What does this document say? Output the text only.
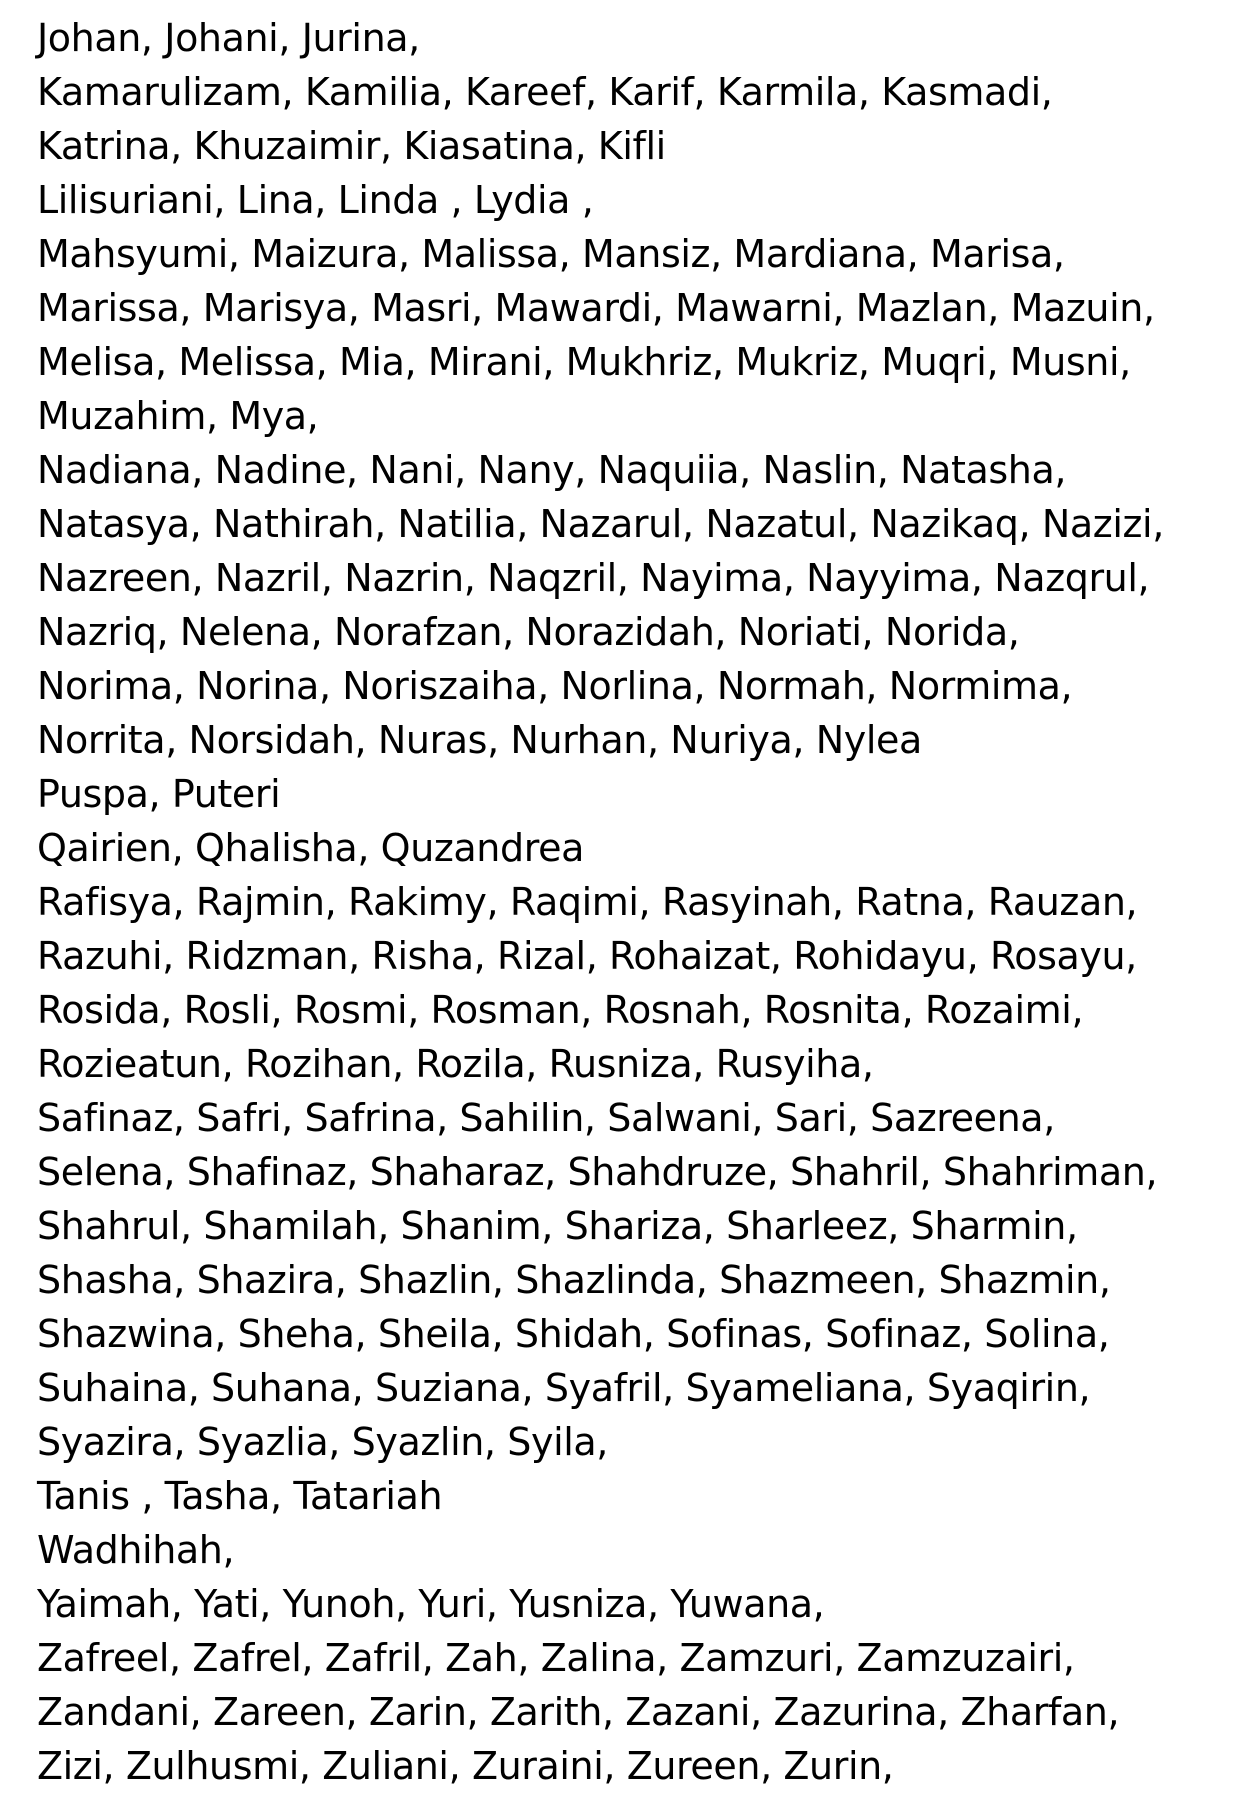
Johan, Johani, Jurina,
Kamarulizam, Kamilia, Kareef, Karif, Karmila, Kasmadi,
Katrina, Khuzaimir, Kiasatina, Kifli
Lilisuriani, Lina, Linda , Lydia ,
Mahsyumi, Maizura, Malissa, Mansiz, Mardiana, Marisa,
Marissa, Marisya, Masri, Mawardi, Mawarni, Mazlan, Mazuin,
Melisa, Melissa, Mia, Mirani, Mukhriz, Mukriz, Muqri, Musni,
Muzahim, Mya,
Nadiana, Nadine, Nani, Nany, Naquiia, Naslin, Natasha,
Natasya, Nathirah, Natilia, Nazarul, Nazatul, Nazikaq, Nazizi,
Nazreen, Nazril, Nazrin, Naqzril, Nayima, Nayyima, Nazqrul,
Nazriq, Nelena, Norafzan, Norazidah, Noriati, Norida,
Norima, Norina, Noriszaiha, Norlina, Normah, Normima,
Norrita, Norsidah, Nuras, Nurhan, Nuriya, Nylea
Puspa, Puteri
Qairien, Qhalisha, Quzandrea
Rafisya, Rajmin, Rakimy, Raqimi, Rasyinah, Ratna, Rauzan,
Razuhi, Ridzman, Risha, Rizal, Rohaizat, Rohidayu, Rosayu,
Rosida, Rosli, Rosmi, Rosman, Rosnah, Rosnita, Rozaimi,
Rozieatun, Rozihan, Rozila, Rusniza, Rusyiha,
Safinaz, Safri, Safrina, Sahilin, Salwani, Sari, Sazreena,
Selena, Shafinaz, Shaharaz, Shahdruze, Shahril, Shahriman,
Shahrul, Shamilah, Shanim, Shariza, Sharleez, Sharmin,
Shasha, Shazira, Shazlin, Shazlinda, Shazmeen, Shazmin,
Shazwina, Sheha, Sheila, Shidah, Sofinas, Sofinaz, Solina,
Suhaina, Suhana, Suziana, Syafril, Syameliana, Syaqirin,
Syazira, Syazlia, Syazlin, Syila,
Tanis , Tasha, Tatariah
Wadhihah,
Yaimah, Yati, Yunoh, Yuri, Yusniza, Yuwana,
Zafreel, Zafrel, Zafril, Zah, Zalina, Zamzuri, Zamzuzairi,
Zandani, Zareen, Zarin, Zarith, Zazani, Zazurina, Zharfan,
Zizi, Zulhusmi, Zuliani, Zuraini, Zureen, Zurin,
